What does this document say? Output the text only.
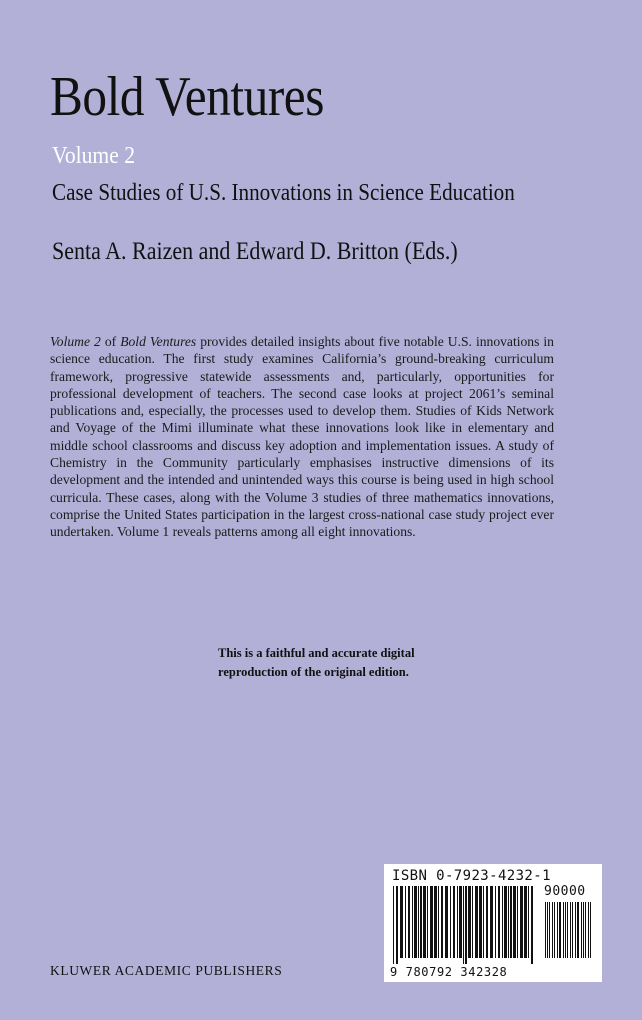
Bold Ventures
Volume 2
Case Studies of U.S. Innovations in Science Education
Senta A. Raizen and Edward D. Britton (Eds.)

Volume 2 of Bold Ventures provides detailed insights about five notable U.S. innovations in science education. The first study examines California’s ground-breaking curriculum framework, progressive statewide assessments and, particularly, opportunities for professional development of teachers. The second case looks at project 2061’s seminal publications and, especially, the processes used to develop them. Studies of Kids Network and Voyage of the Mimi illuminate what these innovations look like in elementary and middle school classrooms and discuss key adoption and implementation issues. A study of Chemistry in the Community particularly emphasises instructive dimensions of its development and the intended and unintended ways this course is being used in high school curricula. These cases, along with the Volume 3 studies of three mathematics innovations, comprise the United States participation in the largest cross-national case study project ever undertaken. Volume 1 reveals patterns among all eight innovations.

This is a faithful and accurate digital reproduction of the original edition.

ISBN 0-7923-4232-1
90000
9 780792 342328
KLUWER ACADEMIC PUBLISHERS
